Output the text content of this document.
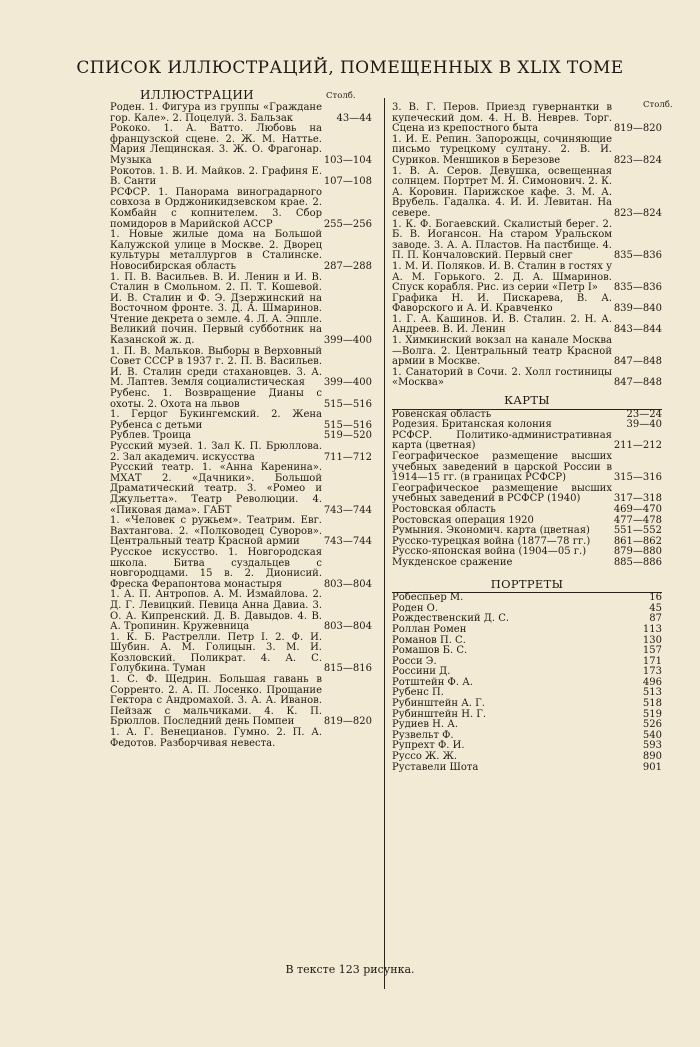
СПИСОК ИЛЛЮСТРАЦИЙ, ПОМЕЩЕННЫХ В XLIX ТОМЕ
ИЛЛЮСТРАЦИИ	Столб.
Столб.
Роден. 1. Фигура из группы «Граждане гор. Кале». 2. Поцелуй. 3. Бальзак	43—44
Рококо. 1. А. Ватто. Любовь на французской сцене. 2. Ж. М. Наттье. Мария Лещинская. 3. Ж. О. Фрагонар. Музыка	103—104
Рокотов. 1. В. И. Майков. 2. Графиня Е. В. Санти	107—108
РСФСР. 1. Панорама виноградарного совхоза в Орджоникидзевском крае. 2. Комбайн с копнителем. 3. Сбор помидоров в Марийской АССР	255—256
1. Новые жилые дома на Большой Калужской улице в Москве. 2. Дворец культуры металлургов в Сталинске. Новосибирская область	287—288
1. П. В. Васильев. В. И. Ленин и И. В. Сталин в Смольном. 2. П. Т. Кошевой. И. В. Сталин и Ф. Э. Дзержинский на Восточном фронте. 3. Д. А. Шмаринов. Чтение декрета о земле. 4. Л. А. Эппле. Великий почин. Первый субботник на Казанской ж. д.	399—400
1. П. В. Мальков. Выборы в Верховный Совет СССР в 1937 г. 2. П. В. Васильев. И. В. Сталин среди стахановцев. 3. А. М. Лаптев. Земля социалистическая	399—400
Рубенс. 1. Возвращение Дианы с охоты. 2. Охота на львов	515—516
1. Герцог Букингемский. 2. Жена Рубенса с детьми	515—516
Рублев. Троица	519—520
Русский музей. 1. Зал К. П. Брюллова. 2. Зал академич. искусства	711—712
Русский театр. 1. «Анна Каренина». МХАТ 2. «Дачники». Большой Драматический театр. 3. «Ромео и Джульетта». Театр Революции. 4. «Пиковая дама». ГАБТ	743—744
1. «Человек с ружьем». Театрим. Евг. Вахтангова. 2. «Полководец Суворов». Центральный театр Красной армии	743—744
Русское искусство. 1. Новгородская школа. Битва суздальцев с новгородцами. 15 в. 2. Дионисий. Фреска Ферапонтова монастыря	803—804
1. А. П. Антропов. А. М. Измайлова. 2. Д. Г. Левицкий. Певица Анна Давиа. 3. О. А. Кипренский. Д. В. Давыдов. 4. В. А. Тропинин. Кружевница	803—804
1. К. Б. Растрелли. Петр I. 2. Ф. И. Шубин. А. М. Голицын. 3. М. И. Козловский. Поликрат. 4. А. С. Голубкина. Туман	815—816
1. С. Ф. Щедрин. Большая гавань в Сорренто. 2. А. П. Лосенко. Прощание Гектора с Андромахой. 3. А. А. Иванов. Пейзаж с мальчиками. 4. К. П. Брюллов. Последний день Помпеи	819—820
1. А. Г. Венецианов. Гумно. 2. П. А. Федотов. Разборчивая невеста.
3. В. Г. Перов. Приезд гувернантки в купеческий дом. 4. Н. В. Неврев. Торг. Сцена из крепостного быта	819—820
1. И. Е. Репин. Запорожцы, сочиняющие письмо турецкому султану. 2. В. И. Суриков. Меншиков в Березове	823—824
1. В. А. Серов. Девушка, освещенная солнцем. Портрет М. Я. Симонович. 2. К. А. Коровин. Парижское кафе. 3. М. А. Врубель. Гадалка. 4. И. И. Левитан. На севере.	823—824
1. К. Ф. Богаевский. Скалистый берег. 2. Б. В. Иогансон. На старом Уральском заводе. 3. А. А. Пластов. На пастбище. 4. П. П. Кончаловский. Первый снег	835—836
1. М. И. Поляков. И. В. Сталин в гостях у А. М. Горького. 2. Д. А. Шмаринов. Спуск корабля. Рис. из серии «Петр I»	835—836
Графика Н. И. Пискарева, В. А. Фаворского и А. И. Кравченко	839—840
1. Г. А. Кашинов. И. В. Сталин. 2. Н. А. Андреев. В. И. Ленин	843—844
1. Химкинский вокзал на канале Москва—Волга. 2. Центральный театр Красной армии в Москве.	847—848
1. Санаторий в Сочи. 2. Холл гостиницы «Москва»	847—848
КАРТЫ
Ровенская область	23—24
Родезия. Британская колония	39—40
РСФСР. Политико-административная карта (цветная)	211—212
Географическое размещение высших учебных заведений в царской России в 1914—15 гг. (в границах РСФСР)	315—316
Географическое размещение высших учебных заведений в РСФСР (1940)	317—318
Ростовская область	469—470
Ростовская операция 1920	477—478
Румыния. Экономич. карта (цветная)	551—552
Русско-турецкая война (1877—78 гг.)	861—862
Русско-японская война (1904—05 г.)	879—880
Мукденское сражение	885—886
ПОРТРЕТЫ
Робеспьер М.	16
Роден О.	45
Рождественский Д. С.	87
Роллан Ромен	113
Романов П. С.	130
Ромашов Б. С.	157
Росси Э.	171
Россини Д.	173
Ротштейн Ф. А.	496
Рубенс П.	513
Рубинштейн А. Г.	518
Рубинштейн Н. Г.	519
Рудиев Н. А.	526
Рузвельт Ф.	540
Рупрехт Ф. И.	593
Руссо Ж. Ж.	890
Руставели Шота	901
В тексте 123 рисунка.
